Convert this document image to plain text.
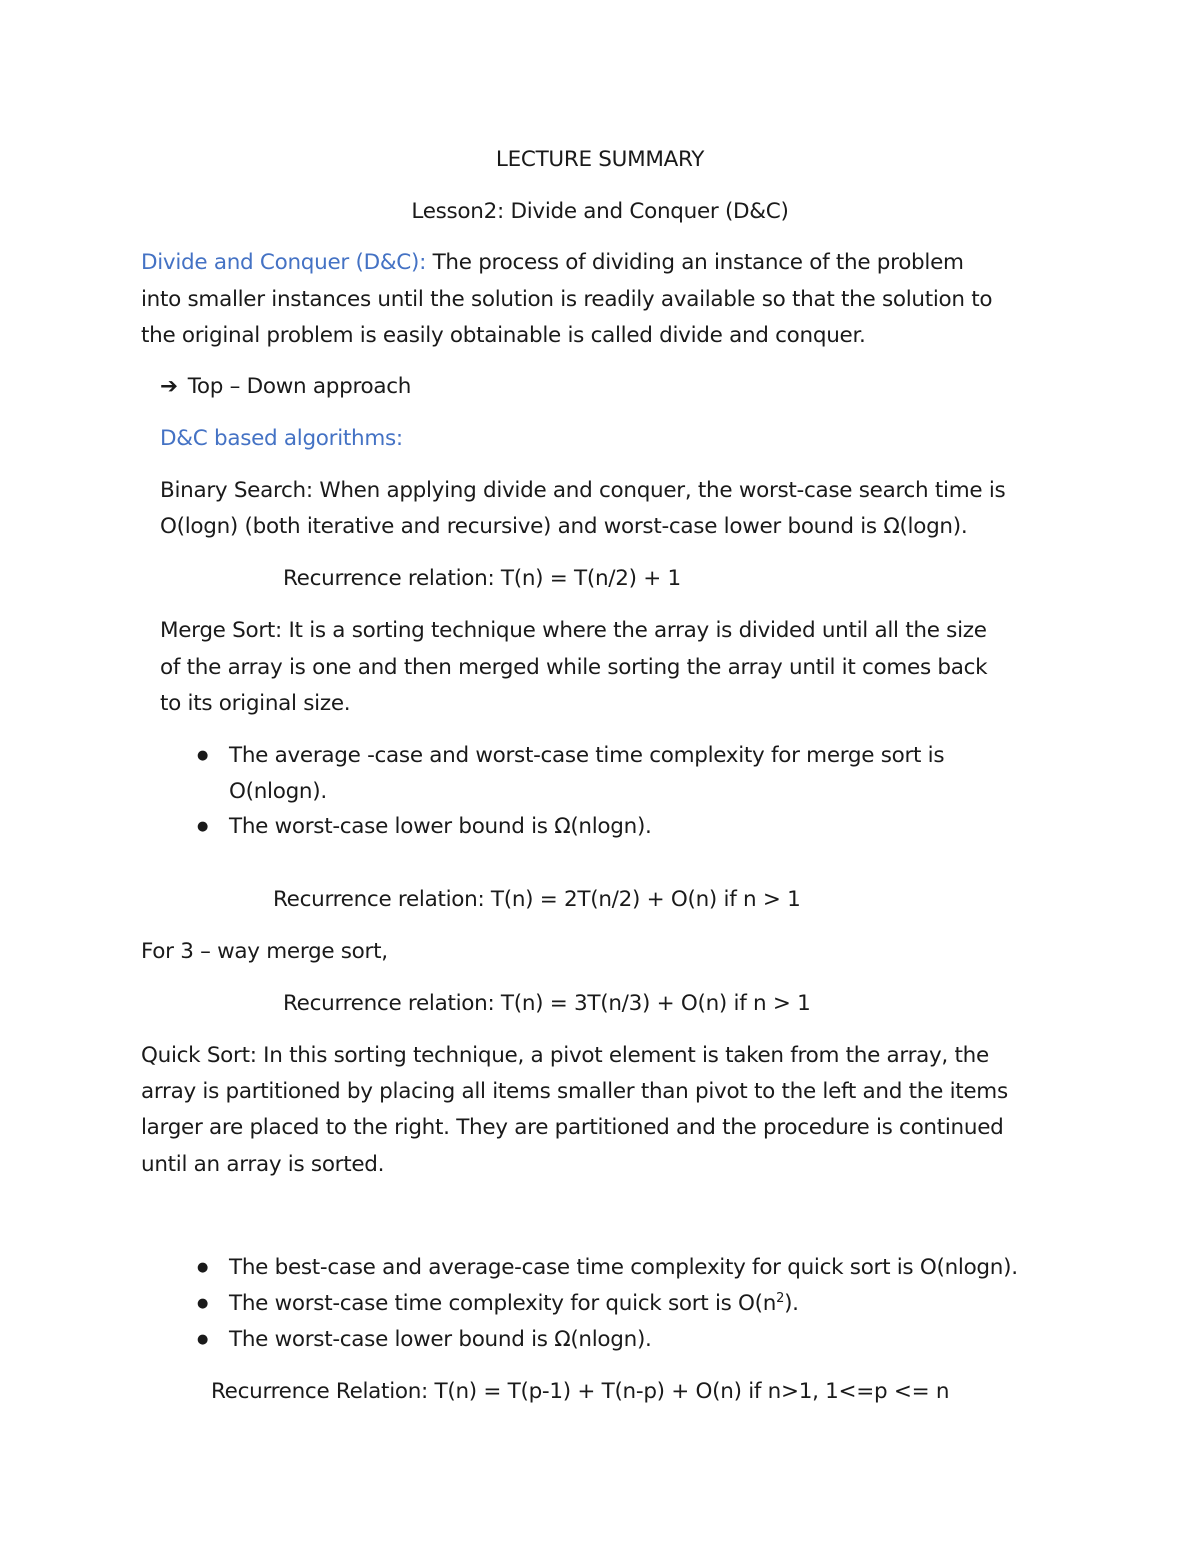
LECTURE SUMMARY
Lesson2: Divide and Conquer (D&C)
Divide and Conquer (D&C): The process of dividing an instance of the problem
into smaller instances until the solution is readily available so that the solution to
the original problem is easily obtainable is called divide and conquer.
➔ Top – Down approach
D&C based algorithms:
Binary Search: When applying divide and conquer, the worst-case search time is
O(logn) (both iterative and recursive) and worst-case lower bound is Ω(logn).
Recurrence relation: T(n) = T(n/2) + 1
Merge Sort: It is a sorting technique where the array is divided until all the size
of the array is one and then merged while sorting the array until it comes back
to its original size.
● The average -case and worst-case time complexity for merge sort is
O(nlogn).
● The worst-case lower bound is Ω(nlogn).
Recurrence relation: T(n) = 2T(n/2) + O(n) if n > 1
For 3 – way merge sort,
Recurrence relation: T(n) = 3T(n/3) + O(n) if n > 1
Quick Sort: In this sorting technique, a pivot element is taken from the array, the
array is partitioned by placing all items smaller than pivot to the left and the items
larger are placed to the right. They are partitioned and the procedure is continued
until an array is sorted.
● The best-case and average-case time complexity for quick sort is O(nlogn).
● The worst-case time complexity for quick sort is $O(n^2)$.
● The worst-case lower bound is Ω(nlogn).
Recurrence Relation: T(n) = T(p-1) + T(n-p) + O(n) if n>1, 1<=p <= n
